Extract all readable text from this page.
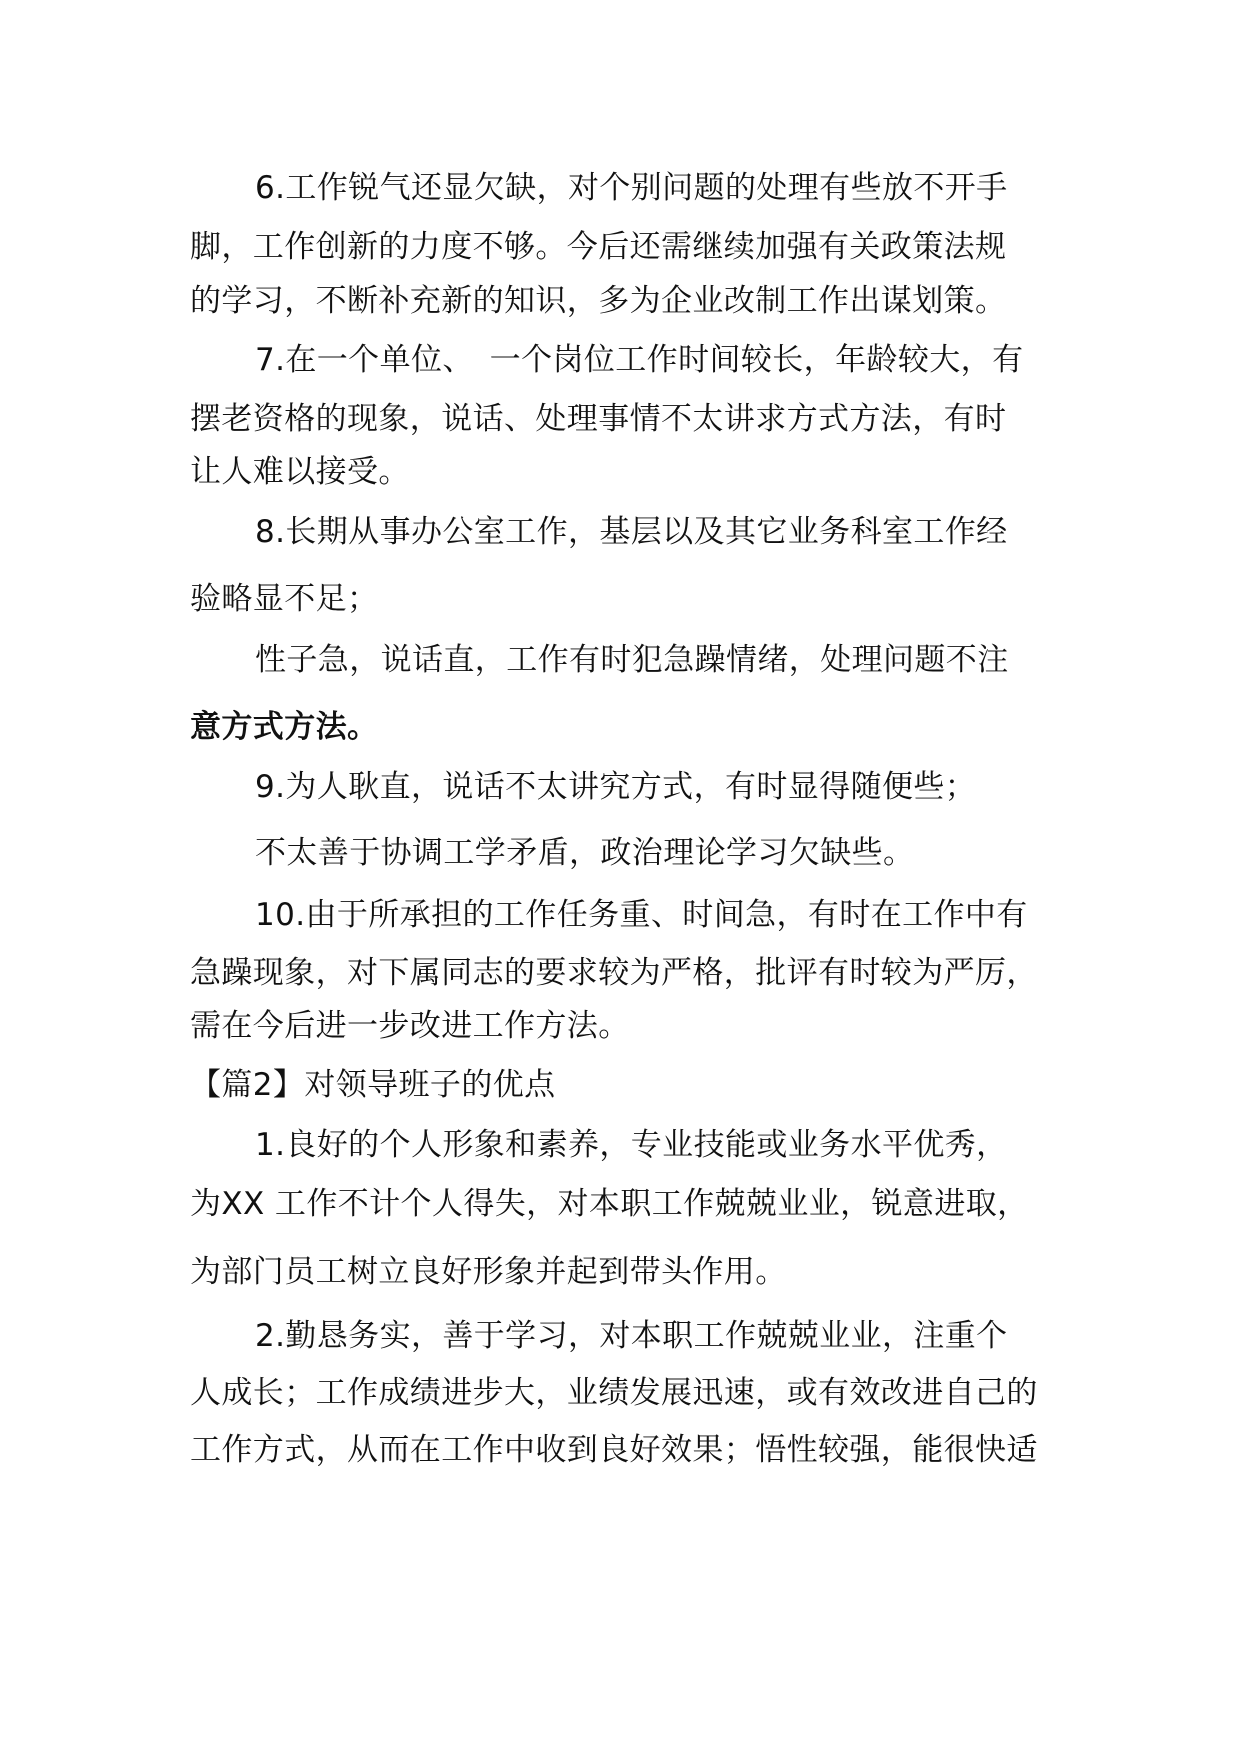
6.工作锐气还显欠缺，对个别问题的处理有些放不开手
脚，工作创新的力度不够。今后还需继续加强有关政策法规
的学习，不断补充新的知识，多为企业改制工作出谋划策。
7.在一个单位、　一个岗位工作时间较长，年龄较大，有
摆老资格的现象，说话、处理事情不太讲求方式方法，有时
让人难以接受。
8.长期从事办公室工作，基层以及其它业务科室工作经
验略显不足；
性子急，说话直，工作有时犯急躁情绪，处理问题不注
意方式方法。
9.为人耿直，说话不太讲究方式，有时显得随便些；
不太善于协调工学矛盾，政治理论学习欠缺些。
10.由于所承担的工作任务重、时间急，有时在工作中有
急躁现象，对下属同志的要求较为严格，批评有时较为严厉，
需在今后进一步改进工作方法。
【篇2】对领导班子的优点
1.良好的个人形象和素养，专业技能或业务水平优秀，
为XX 工作不计个人得失，对本职工作兢兢业业，锐意进取，
为部门员工树立良好形象并起到带头作用。
2.勤恳务实，善于学习，对本职工作兢兢业业，注重个
人成长；工作成绩进步大，业绩发展迅速，或有效改进自己的
工作方式，从而在工作中收到良好效果；悟性较强，能很快适
